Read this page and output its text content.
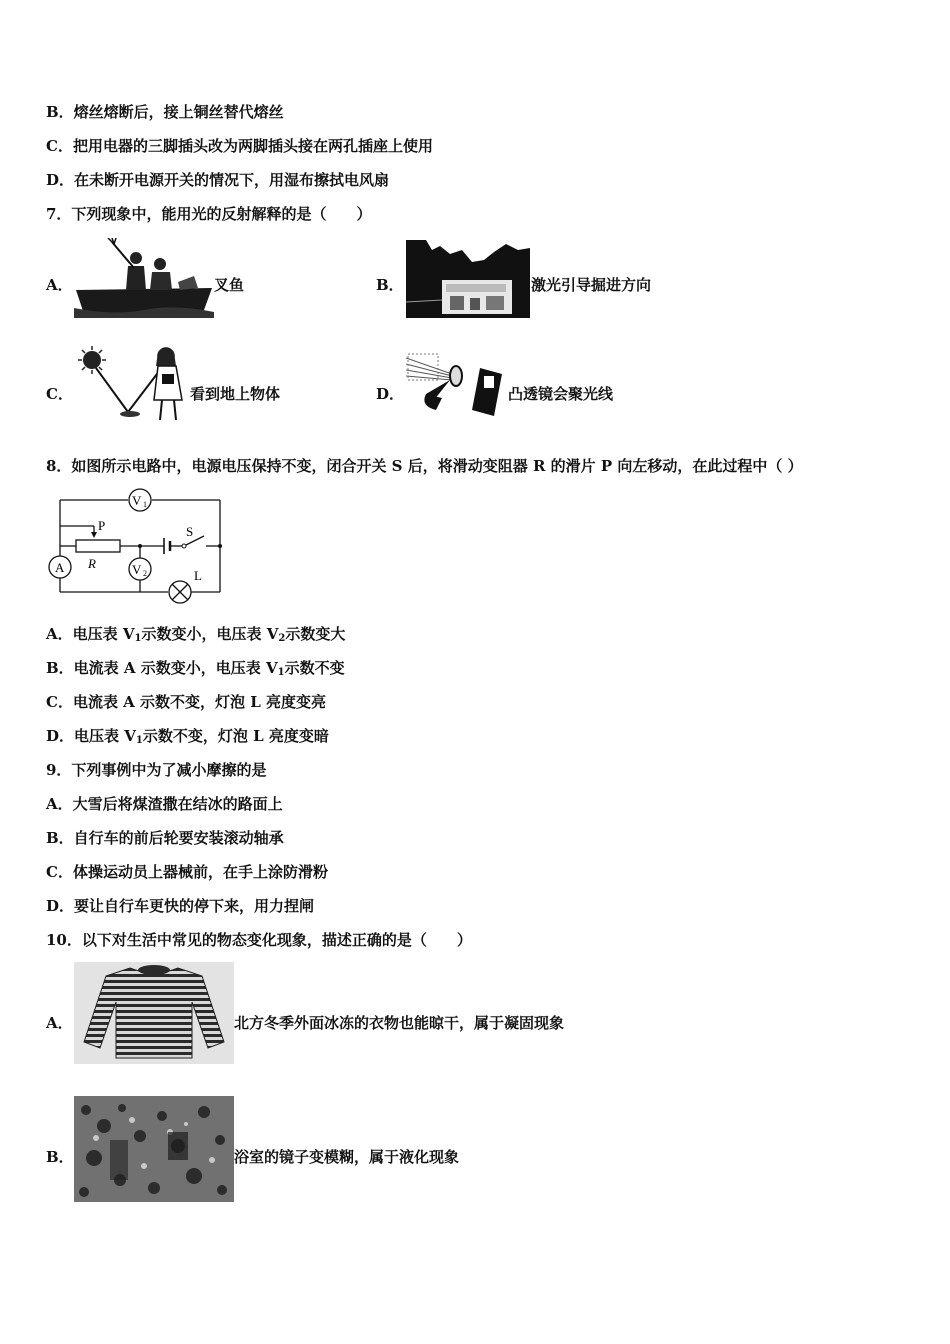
B．熔丝熔断后，接上铜丝替代熔丝
C．把用电器的三脚插头改为两脚插头接在两孔插座上使用
D．在未断开电源开关的情况下，用湿布擦拭电风扇
7．下列现象中，能用光的反射解释的是（　　）
A．	叉鱼	B．	激光引导掘进方向
C．	看到地上物体	D．	凸透镜会聚光线
8．如图所示电路中，电源电压保持不变，闭合开关 S 后，将滑动变阻器 R 的滑片 P 向左移动，在此过程中（ ）
V 1
A
P
R
S
V 2	L
A．电压表 $V_1$示数变小，电压表 $V_2$示数变大
B．电流表 A 示数变小，电压表 $V_1$示数不变
C．电流表 A 示数不变，灯泡 L 亮度变亮
D．电压表 $V_1$示数不变，灯泡 L 亮度变暗
9．下列事例中为了减小摩擦的是
A．大雪后将煤渣撒在结冰的路面上
B．自行车的前后轮要安装滚动轴承
C．体操运动员上器械前，在手上涂防滑粉
D．要让自行车更快的停下来，用力捏闸
10．以下对生活中常见的物态变化现象，描述正确的是（　　）
A．	北方冬季外面冰冻的衣物也能晾干，属于凝固现象
B．	浴室的镜子变模糊，属于液化现象
